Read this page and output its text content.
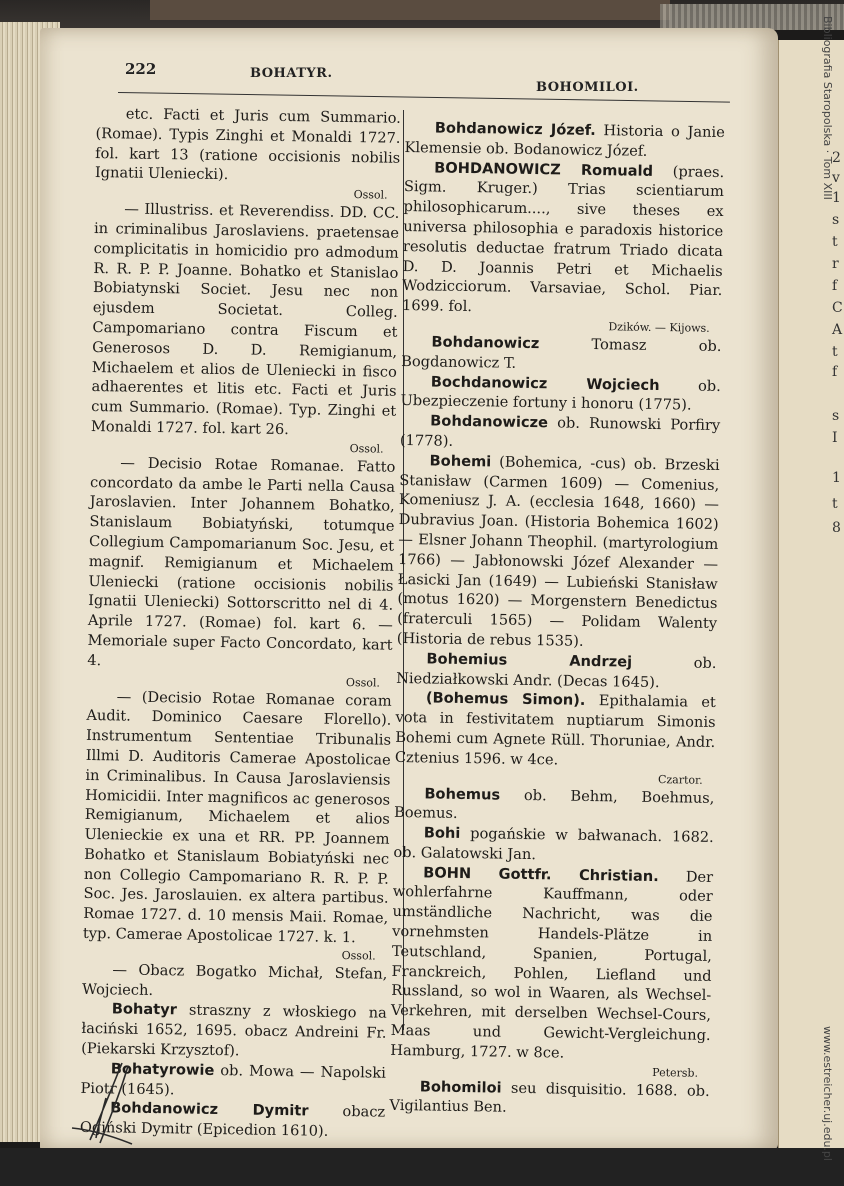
222	BOHATYR.
BOHOMILOI.

etc. Facti et Juris cum Summario. (Romae). Typis Zinghi et Monaldi 1727. fol. kart 13 (ratione occisionis nobilis Ignatii Uleniecki).

Ossol.

— Illustriss. et Reverendiss. DD. CC. in criminalibus Jaroslaviens. praetensae complicitatis in homicidio pro admodum R. R. P. P. Joanne. Bohatko et Stanislao Bobiatynski Societ. Jesu nec non ejusdem Societat. Colleg. Campomariano contra Fiscum et Generosos D. D. Remigianum, Michaelem et alios de Uleniecki in fisco adhaerentes et litis etc. Facti et Juris cum Summario. (Romae). Typ. Zinghi et Monaldi 1727. fol. kart 26.

Ossol.

— Decisio Rotae Romanae. Fatto concordato da ambe le Parti nella Causa Jaroslavien. Inter Johannem Bohatko, Stanislaum Bobiatyński, totumque Collegium Campomarianum Soc. Jesu, et magnif. Remigianum et Michaelem Uleniecki (ratione occisionis nobilis Ignatii Uleniecki) Sottorscritto nel di 4. Aprile 1727. (Romae) fol. kart 6. — Memoriale super Facto Concordato, kart 4.

Ossol.

— (Decisio Rotae Romanae coram Audit. Dominico Caesare Florello). Instrumentum Sententiae Tribunalis Illmi D. Auditoris Camerae Apostolicae in Criminalibus. In Causa Jaroslaviensis Homicidii. Inter magnificos ac generosos Remigianum, Michaelem et alios Ulenieckie ex una et RR. PP. Joannem Bohatko et Stanislaum Bobiatyński nec non Collegio Campomariano R. R. P. P. Soc. Jes. Jaroslauien. ex altera partibus. Romae 1727. d. 10 mensis Maii. Romae, typ. Camerae Apostolicae 1727. k. 1.

Ossol.

— Obacz Bogatko Michał, Stefan, Wojciech.

Bohatyr straszny z włoskiego na łaciński 1652, 1695. obacz Andreini Fr. (Piekarski Krzysztof).

Bohatyrowie ob. Mowa — Napolski Piotr (1645).

Bohdanowicz Dymitr obacz Ogiński Dymitr (Epicedion 1610).

Bohdanowicz Józef. Historia o Janie Klemensie ob. Bodanowicz Józef.

BOHDANOWICZ Romuald (praes. Sigm. Kruger.) Trias scientiarum philosophicarum...., sive theses ex universa philosophia e paradoxis historice resolutis deductae fratrum Triado dicata D. D. Joannis Petri et Michaelis Wodzicciorum. Varsaviae, Schol. Piar. 1699. fol.

Dzików. — Kijows.

Bohdanowicz Tomasz ob. Bogdanowicz T.

Bochdanowicz Wojciech ob. Ubezpieczenie fortuny i honoru (1775).

Bohdanowicze ob. Runowski Porfiry (1778).

Bohemi (Bohemica, -cus) ob. Brzeski Stanisław (Carmen 1609) — Comenius, Komeniusz J. A. (ecclesia 1648, 1660) — Dubravius Joan. (Historia Bohemica 1602) — Elsner Johann Theophil. (martyrologium 1766) — Jabłonowski Józef Alexander — Łasicki Jan (1649) — Lubieński Stanisław (motus 1620) — Morgenstern Benedictus (fraterculi 1565) — Polidam Walenty (Historia de rebus 1535).

Bohemius Andrzej ob. Niedziałkowski Andr. (Decas 1645).

(Bohemus Simon). Epithalamia et vota in festivitatem nuptiarum Simonis Bohemi cum Agnete Rüll. Thoruniae, Andr. Cztenius 1596. w 4ce.

Czartor.

Bohemus ob. Behm, Boehmus, Boemus.

Bohi pogańskie w bałwanach. 1682. ob. Galatowski Jan.

BOHN Gottfr. Christian. Der wohlerfahrne Kauffmann, oder umständliche Nachricht, was die vornehmsten Handels-Plätze in Teutschland, Spanien, Portugal, Franckreich, Pohlen, Liefland und Russland, so wol in Waaren, als Wechsel-Verkehren, mit derselben Wechsel-Cours, Maas und Gewicht-Vergleichung. Hamburg, 1727. w 8ce.

Petersb.

Bohomiloi seu disquisitio. 1688. ob. Vigilantius Ben.

Bibliografia Staropolska · Tom XIII
www.estreicher.uj.edu.pl
2
v
1
s
t
r
f
C
A
t
f
s
I
1
t
8
